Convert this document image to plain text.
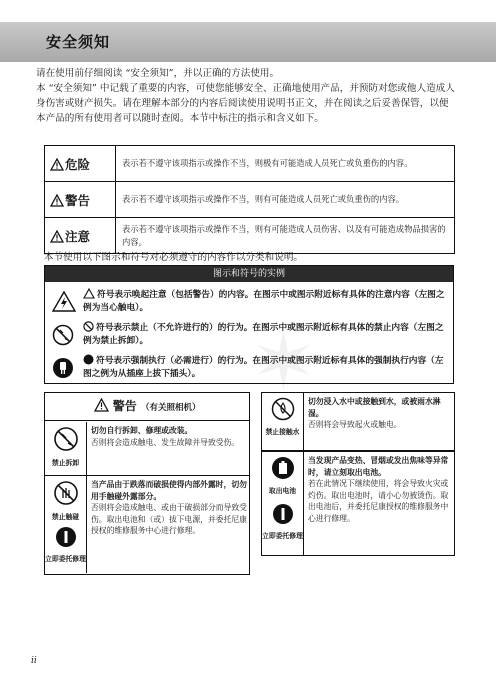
安全须知

请在使用前仔细阅读 “安全须知”，并以正确的方法使用。

本 “安全须知” 中记载了重要的内容，可使您能够安全、正确地使用产品，并预防对您或他人造成人身伤害或财产损失。请在理解本部分的内容后阅读使用说明书正文，并在阅读之后妥善保管，以便本产品的所有使用者可以随时查阅。本节中标注的指示和含义如下。

危险	表示若不遵守该项指示或操作不当，则极有可能造成人员死亡或负重伤的内容。
警告	表示若不遵守该项指示或操作不当，则有可能造成人员死亡或负重伤的内容。
注意	表示若不遵守该项指示或操作不当，则有可能造成人员伤害、以及有可能造成物品损害的内容。
本节使用以下图示和符号对必须遵守的内容作以分类和说明。
图示和符号的实例
符号表示唤起注意（包括警告）的内容。在图示中或图示附近标有具体的注意内容（左图之例为当心触电）。
符号表示禁止（不允许进行的）的行为。在图示中或图示附近标有具体的禁止内容（左图之例为禁止拆卸）。
符号表示强制执行（必需进行）的行为。在图示中或图示附近标有具体的强制执行内容（左图之例为从插座上拔下插头）。 ✶
警告 （有关照相机）
禁止拆卸
切勿自行拆卸、修理或改装。
否则将会造成触电、发生故障并导致受伤。
禁止触碰
立即委托修理
当产品由于跌落而破损使得内部外露时，切勿用手触碰外露部分。
否则将会造成触电、或由于破损部分而导致受伤。取出电池和（或）拔下电源，并委托尼康授权的维修服务中心进行修理。
禁止接触水
切勿浸入水中或接触到水，或被雨水淋湿。
否则将会导致起火或触电。
取出电池
立即委托修理
当发现产品变热、冒烟或发出焦味等异常时，请立刻取出电池。
若在此情况下继续使用，将会导致火灾或灼伤。取出电池时，请小心勿被烫伤。取出电池后，并委托尼康授权的维修服务中心进行修理。
ii
